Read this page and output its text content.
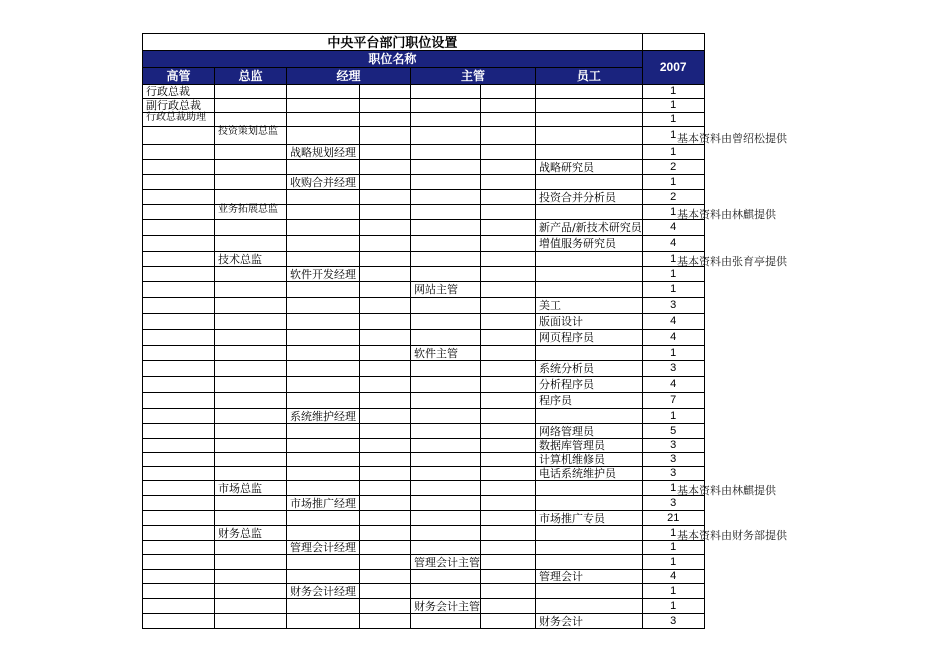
中央平台部门职位设置							
职位名称							2007
高管	总监	经理		主管		员工	
行政总裁							1
副行政总裁							1
行政总裁助理							1
	投资策划总监						1
		战略规划经理					1
						战略研究员	2
		收购合并经理					1
						投资合并分析员	2
	业务拓展总监						1
						新产品/新技术研究员	4
						增值服务研究员	4
	技术总监						1
		软件开发经理					1
				网站主管			1
						美工	3
						版面设计	4
						网页程序员	4
				软件主管			1
						系统分析员	3
						分析程序员	4
						程序员	7
		系统维护经理					1
						网络管理员	5
						数据库管理员	3
						计算机维修员	3
						电话系统维护员	3
	市场总监						1
		市场推广经理					3
						市场推广专员	21
	财务总监						1
		管理会计经理					1
				管理会计主管			1
						管理会计	4
		财务会计经理					1
				财务会计主管			1
						财务会计	3
基本资料由曾绍松提供
基本资料由林麒提供
基本资料由张育亭提供
基本资料由林麒提供
基本资料由财务部提供
